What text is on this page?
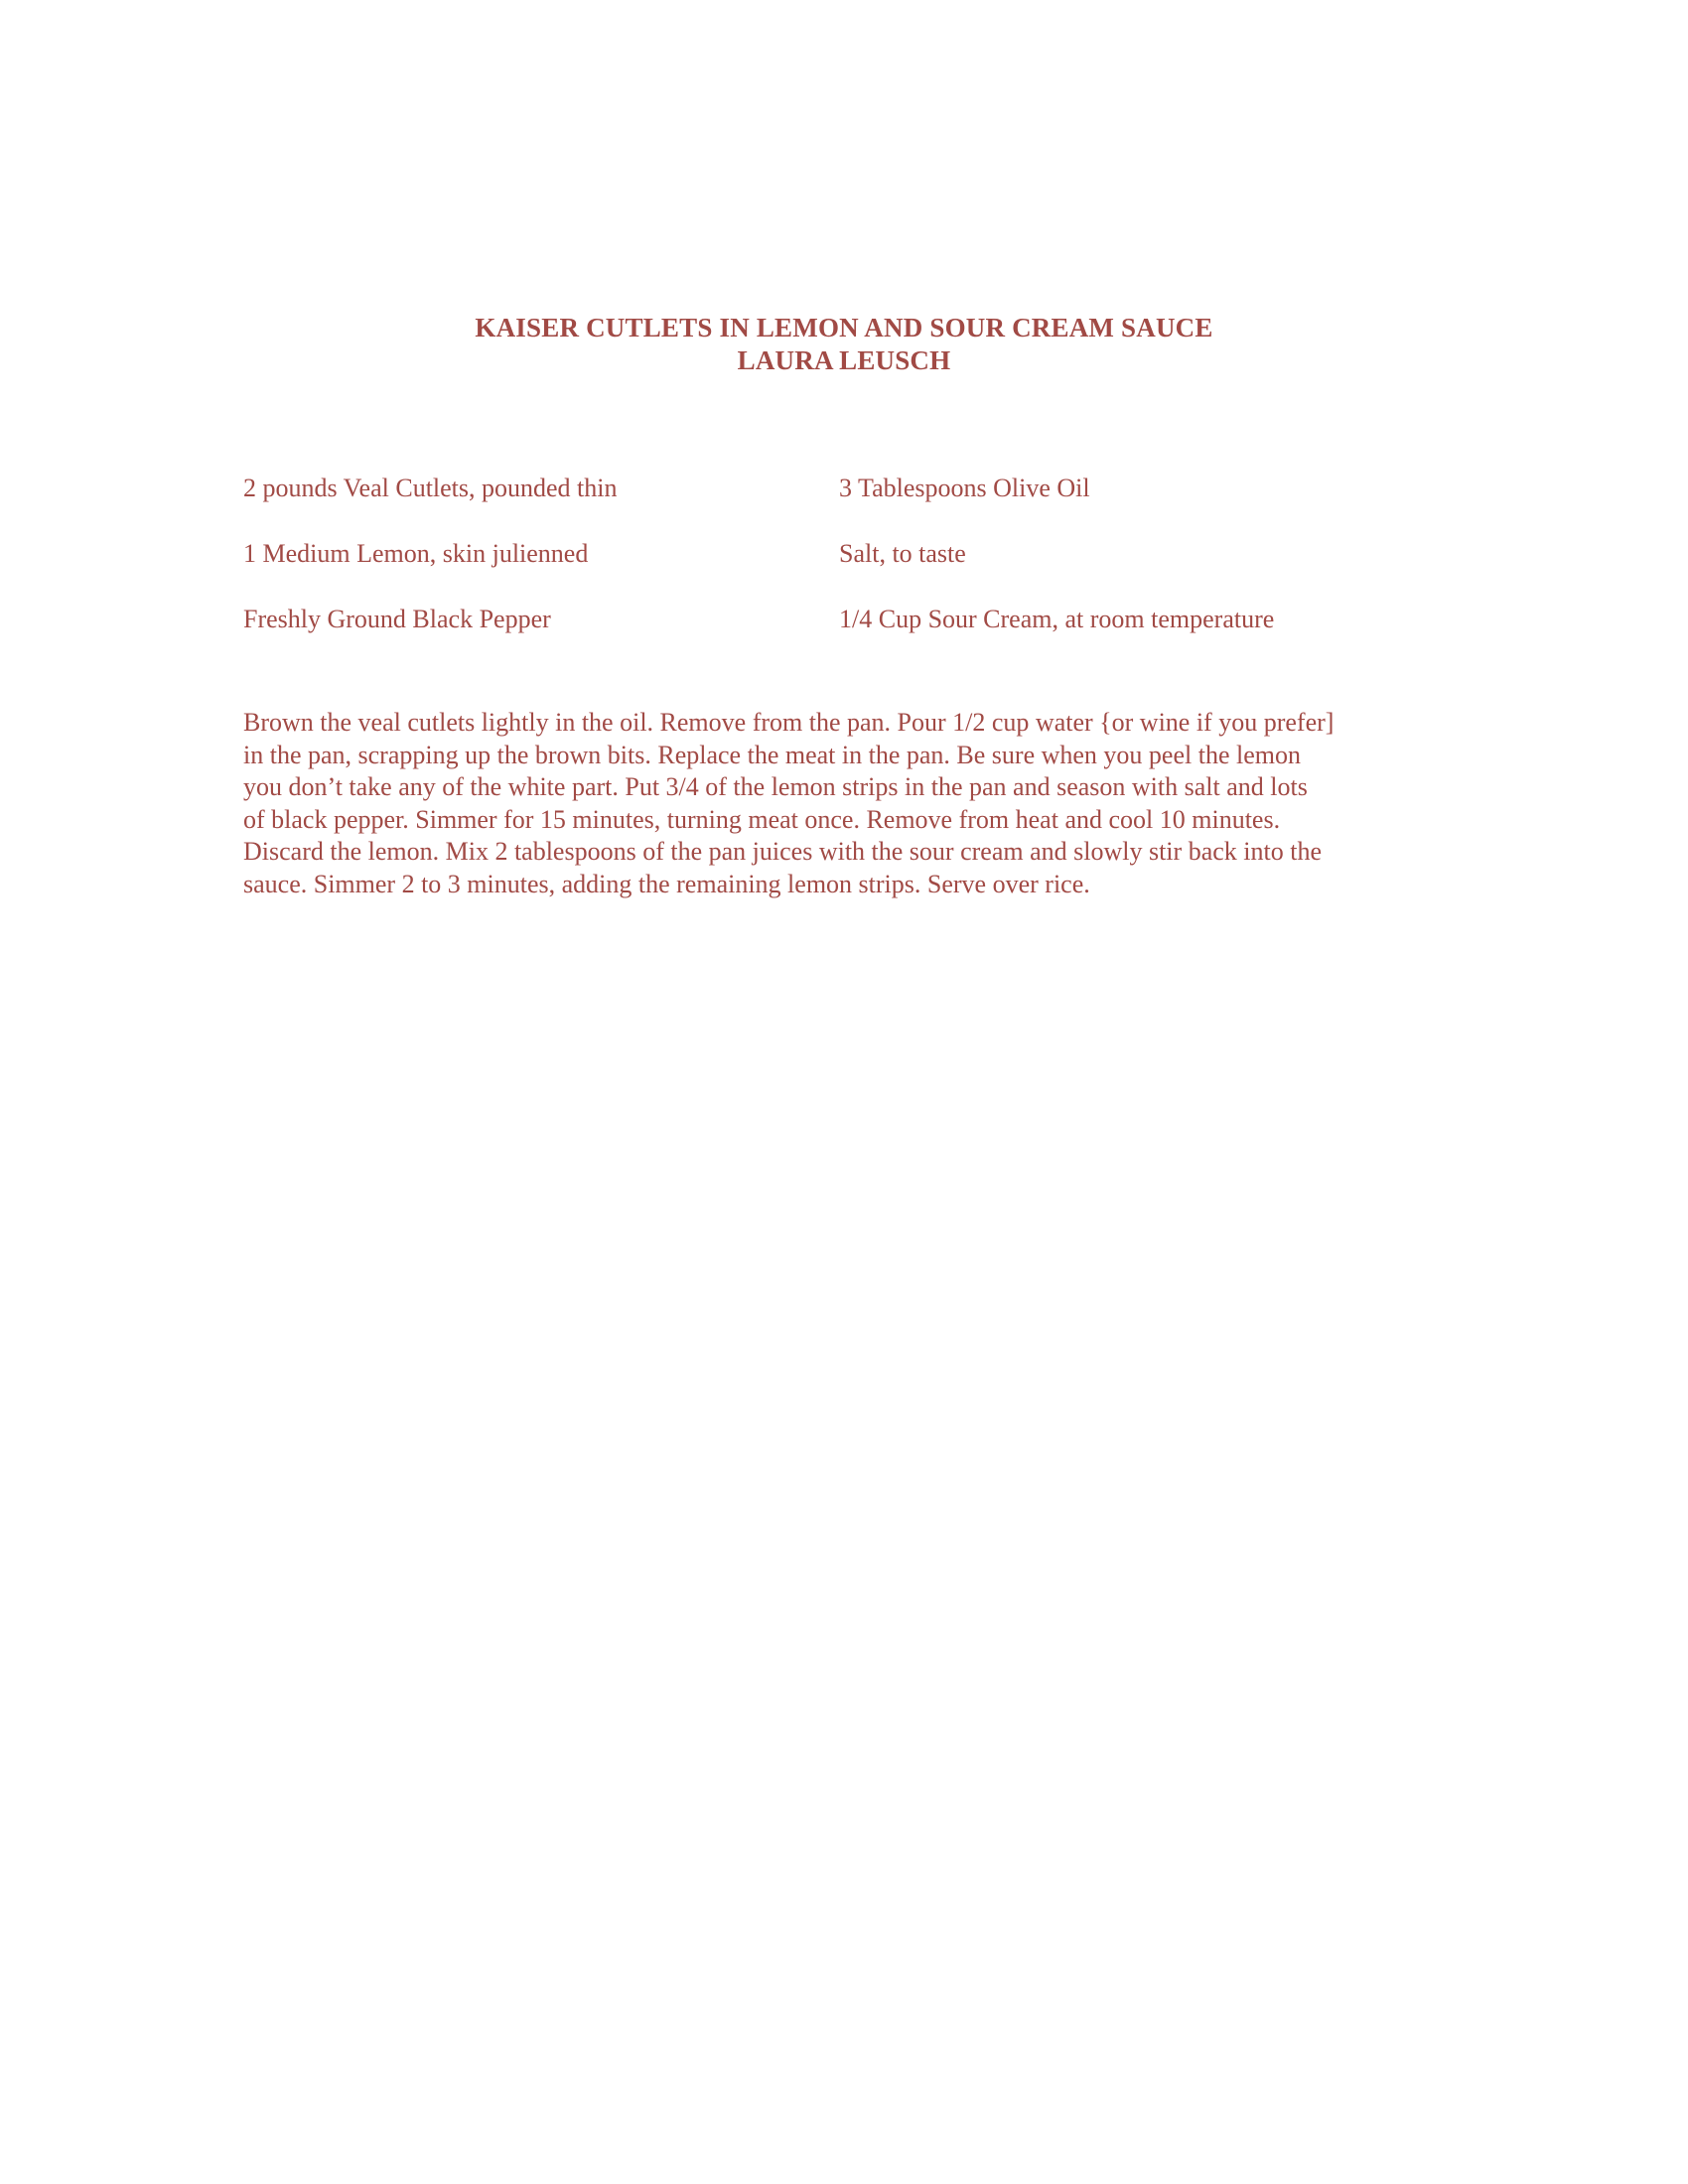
KAISER CUTLETS IN LEMON AND SOUR CREAM SAUCE
LAURA LEUSCH
2 pounds Veal Cutlets, pounded thin	3 Tablespoons Olive Oil
1 Medium Lemon, skin julienned	Salt, to taste
Freshly Ground Black Pepper	1/4 Cup Sour Cream, at room temperature
Brown the veal cutlets lightly in the oil. Remove from the pan. Pour 1/2 cup water {or wine if you prefer]
in the pan, scrapping up the brown bits. Replace the meat in the pan. Be sure when you peel the lemon
you don’t take any of the white part. Put 3/4 of the lemon strips in the pan and season with salt and lots
of black pepper. Simmer for 15 minutes, turning meat once. Remove from heat and cool 10 minutes.
Discard the lemon. Mix 2 tablespoons of the pan juices with the sour cream and slowly stir back into the
sauce. Simmer 2 to 3 minutes, adding the remaining lemon strips. Serve over rice.
